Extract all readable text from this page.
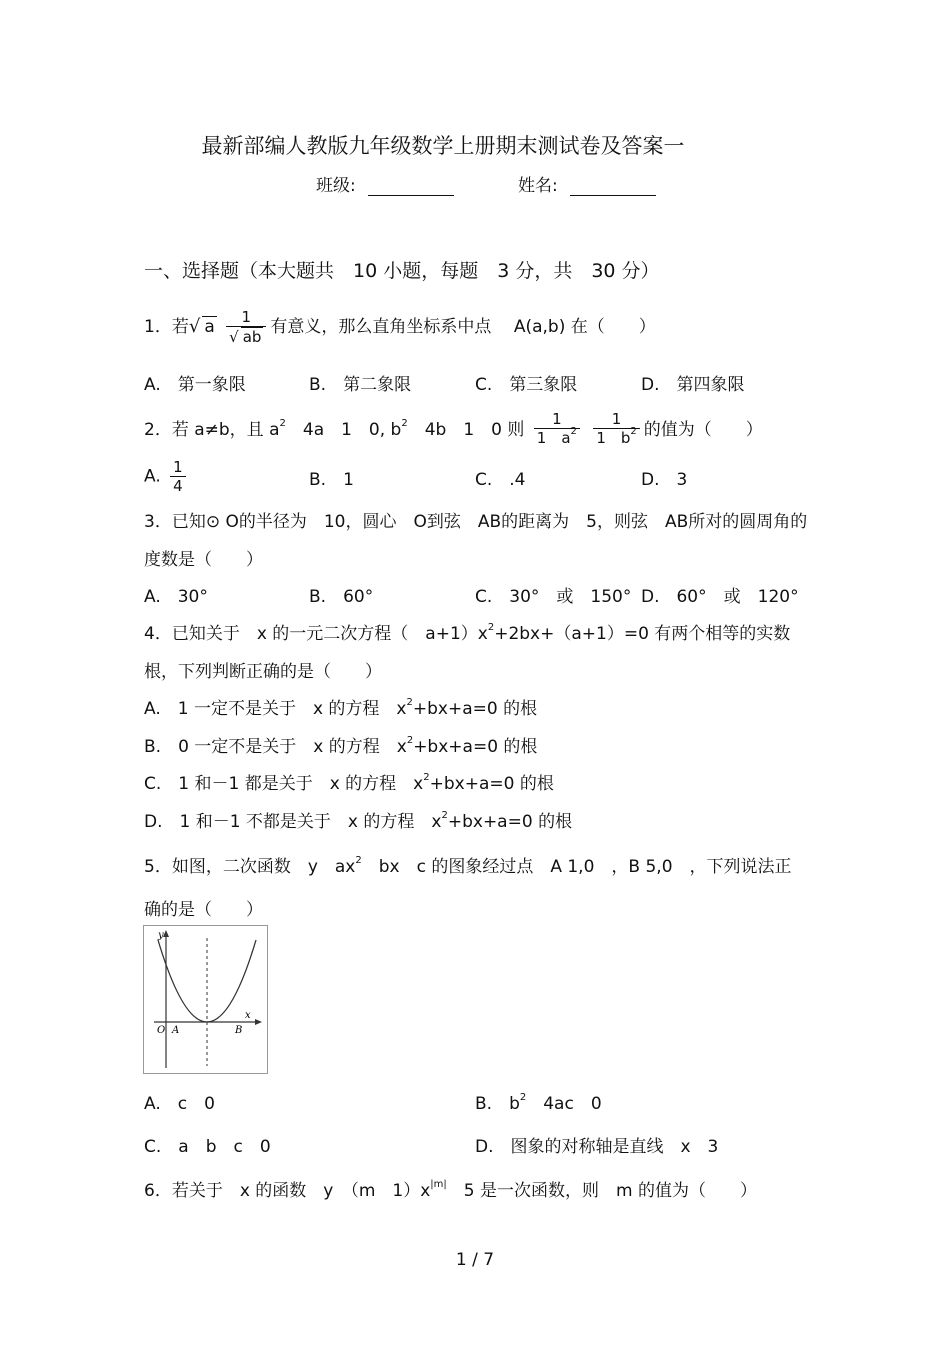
最新部编人教版九年级数学上册期末测试卷及答案一
班级:	姓名:
一、选择题（本大题共　10 小题，每题　3 分，共　30 分）
1．若√ a $\frac{1}{√ ab}$ 有意义，那么直角坐标系中点　 A(a,b) 在（　　）
A.　第一象限	B.　第二象限	C.　第三象限	D.　第四象限
2．若 a≠b，且 $a^2$　4a　1　0, $b^2$　4b　1　0 则 $\frac{1}{1 a^2}$
$\frac{1}{1 b^2}$ 的值为（　　）
A. $\frac{1}{4}$	B.　1	C.　.4	D.　3
3．已知⊙ O的半径为　10，圆心　O到弦　AB的距离为　5，则弦　AB所对的圆周角的
度数是（　　）
A.　30°	B.　60°	C.　30°　或　150° D.　60°　或　120°
4．已知关于　x 的一元二次方程（　$a+1)x^2+2bx+(a+1)=0$ 有两个相等的实数
根，下列判断正确的是（　　）
A.　1 一定不是关于　x 的方程　$x^2+bx+a=0$ 的根
B.　0 一定不是关于　x 的方程　$x^2+bx+a=0$ 的根
C.　1 和－1 都是关于　x 的方程　$x^2+bx+a=0$ 的根
D.　1 和－1 不都是关于　x 的方程　$x^2+bx+a=0$ 的根
5．如图，二次函数　y　$ax^2$　bx　c 的图象经过点　A 1,0　，B 5,0　，下列说法正
确的是（　　）
y
x
O A	B
A.　c　0	B.　$b^2$　4ac　0
C.　a　b　c　0	D.　图象的对称轴是直线　x　3
6．若关于　x 的函数　y　（m　$1)x^{|m|}$　5 是一次函数，则　m 的值为（　　）
1 / 7
